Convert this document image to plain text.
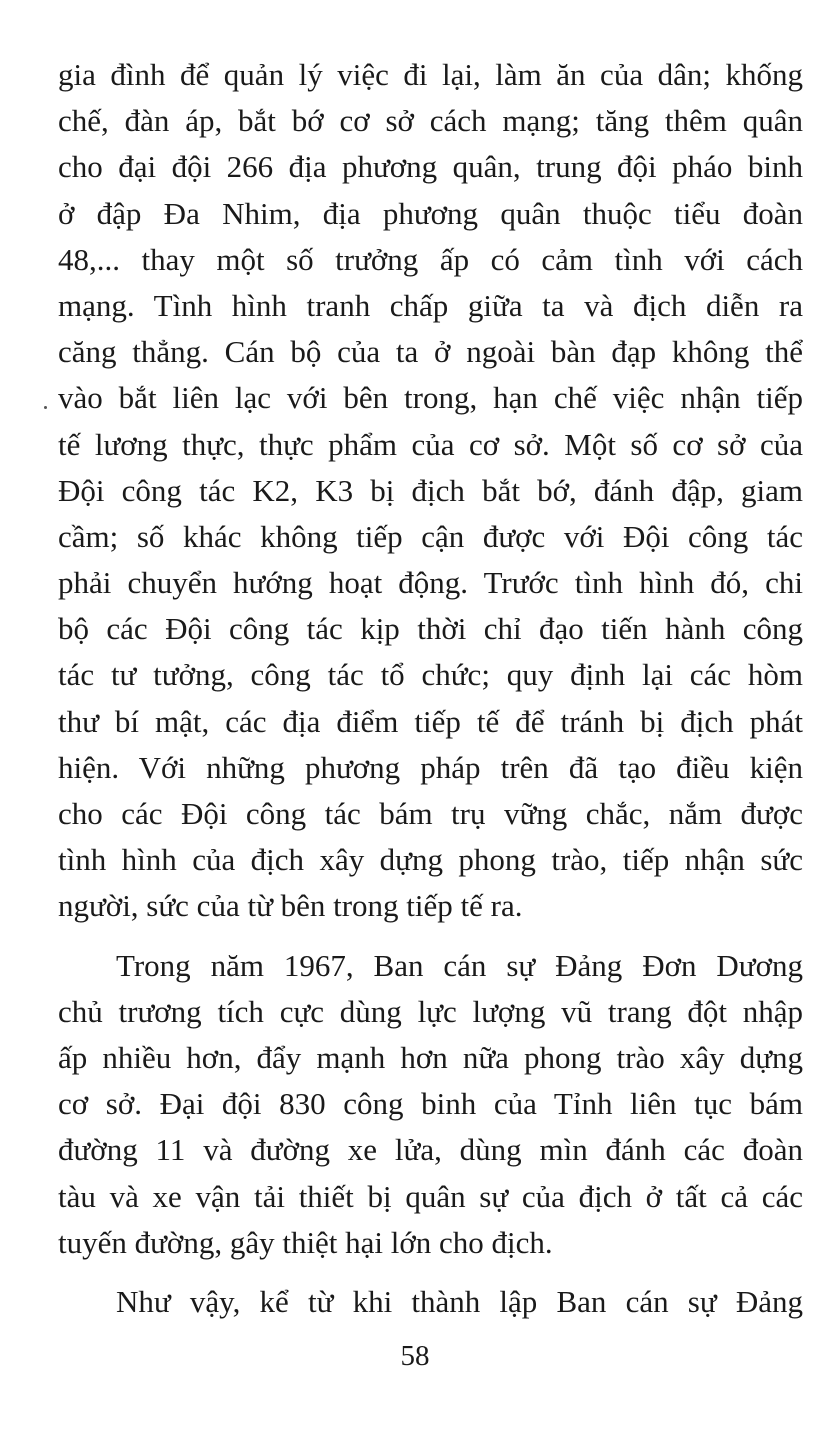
gia đình để quản lý việc đi lại, làm ăn của dân; khống
chế, đàn áp, bắt bớ cơ sở cách mạng; tăng thêm quân
cho đại đội 266 địa phương quân, trung đội pháo binh
ở đập Đa Nhim, địa phương quân thuộc tiểu đoàn
48,... thay một số trưởng ấp có cảm tình với cách
mạng. Tình hình tranh chấp giữa ta và địch diễn ra
căng thẳng. Cán bộ của ta ở ngoài bàn đạp không thể
vào bắt liên lạc với bên trong, hạn chế việc nhận tiếp
tế lương thực, thực phẩm của cơ sở. Một số cơ sở của
Đội công tác K2, K3 bị địch bắt bớ, đánh đập, giam
cầm; số khác không tiếp cận được với Đội công tác
phải chuyển hướng hoạt động. Trước tình hình đó, chi
bộ các Đội công tác kịp thời chỉ đạo tiến hành công
tác tư tưởng, công tác tổ chức; quy định lại các hòm
thư bí mật, các địa điểm tiếp tế để tránh bị địch phát
hiện. Với những phương pháp trên đã tạo điều kiện
cho các Đội công tác bám trụ vững chắc, nắm được
tình hình của địch xây dựng phong trào, tiếp nhận sức
người, sức của từ bên trong tiếp tế ra.

Trong năm 1967, Ban cán sự Đảng Đơn Dương
chủ trương tích cực dùng lực lượng vũ trang đột nhập
ấp nhiều hơn, đẩy mạnh hơn nữa phong trào xây dựng
cơ sở. Đại đội 830 công binh của Tỉnh liên tục bám
đường 11 và đường xe lửa, dùng mìn đánh các đoàn
tàu và xe vận tải thiết bị quân sự của địch ở tất cả các
tuyến đường, gây thiệt hại lớn cho địch.

Như vậy, kể từ khi thành lập Ban cán sự Đảng

58
